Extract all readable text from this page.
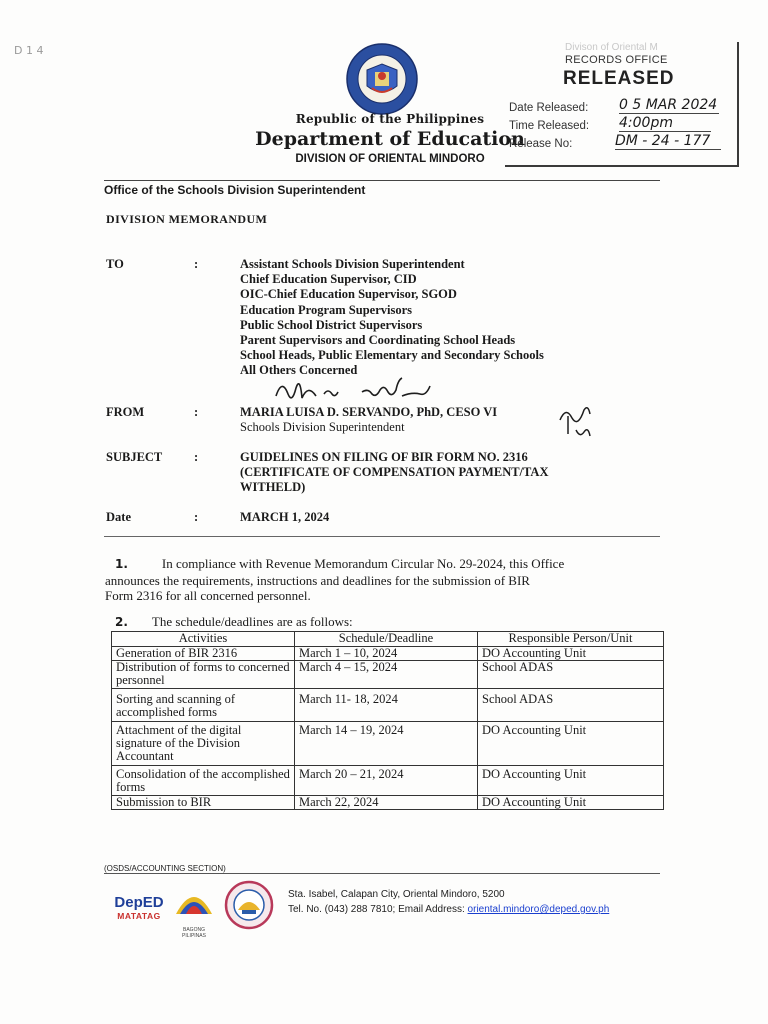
D 1 4
Republic of the Philippines
Department of Education
DIVISION OF ORIENTAL MINDORO
Divison of Oriental M
RECORDS OFFICE
RELEASED
Date Released: 0 5 MAR 2024
Time Released: 4:00pm
Release No:	DM - 24 - 177
Office of the Schools Division Superintendent
DIVISION MEMORANDUM
TO	:	Assistant Schools Division Superintendent
Chief Education Supervisor, CID
OIC-Chief Education Supervisor, SGOD
Education Program Supervisors
Public School District Supervisors
Parent Supervisors and Coordinating School Heads
School Heads, Public Elementary and Secondary Schools
All Others Concerned
FROM	:	MARIA LUISA D. SERVANDO, PhD, CESO VI
Schools Division Superintendent
SUBJECT	:	GUIDELINES ON FILING OF BIR FORM NO. 2316
(CERTIFICATE OF COMPENSATION PAYMENT/TAX
WITHELD)
Date	:	MARCH 1, 2024
1.	In compliance with Revenue Memorandum Circular No. 29-2024, this Office
announces the requirements, instructions and deadlines for the submission of BIR
Form 2316 for all concerned personnel.
2. The schedule/deadlines are as follows:
Activities	Schedule/Deadline	Responsible Person/Unit
Generation of BIR 2316	March 1 – 10, 2024	DO Accounting Unit
Distribution of forms to concerned personnel	March 4 – 15, 2024	School ADAS
Sorting and scanning of accomplished forms	March 11- 18, 2024	School ADAS
Attachment of the digital signature of the Division Accountant	March 14 – 19, 2024	DO Accounting Unit
Consolidation of the accomplished forms	March 20 – 21, 2024	DO Accounting Unit
Submission to BIR	March 22, 2024	DO Accounting Unit
(OSDS/ACCOUNTING SECTION)
DepED
MATATAG
BAGONG PILIPINAS
Sta. Isabel, Calapan City, Oriental Mindoro, 5200
Tel. No. (043) 288 7810; Email Address: oriental.mindoro@deped.gov.ph
